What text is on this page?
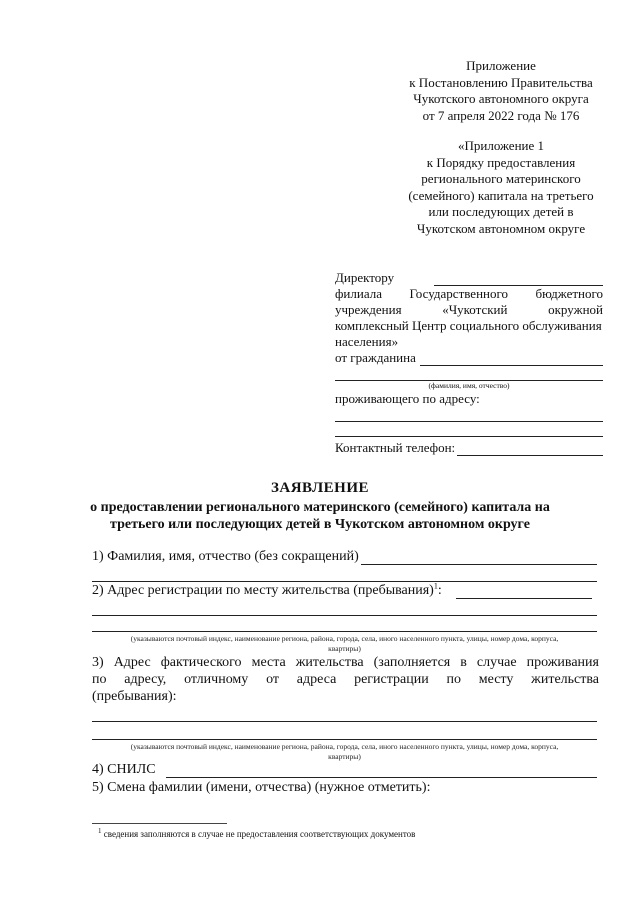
Приложение
к Постановлению Правительства
Чукотского автономного округа
от 7 апреля 2022 года № 176
«Приложение 1
к Порядку предоставления
регионального материнского
(семейного) капитала на третьего
или последующих детей в
Чукотском автономном округе
Директору
филиала Государственного бюджетного
учреждения	«Чукотский	окружной
комплексный Центр социального обслуживания
населения»
от гражданина
(фамилия, имя, отчество)
проживающего по адресу:
Контактный телефон:
ЗАЯВЛЕНИЕ
о предоставлении регионального материнского (семейного) капитала на
третьего или последующих детей в Чукотском автономном округе
1) Фамилия, имя, отчество (без сокращений)
2) Адрес регистрации по месту жительства (пребывания)$^1$:
(указываются почтовый индекс, наименование региона, района, города, села, иного населенного пункта, улицы, номер дома, корпуса,
квартиры)
3) Адрес фактического места жительства (заполняется в случае проживания
по адресу, отличному от адреса регистрации по месту жительства
(пребывания):
(указываются почтовый индекс, наименование региона, района, города, села, иного населенного пункта, улицы, номер дома, корпуса,
квартиры)
4) СНИЛС
5) Смена фамилии (имени, отчества) (нужное отметить):
$^1$ сведения заполняются в случае не предоставления соответствующих документов
